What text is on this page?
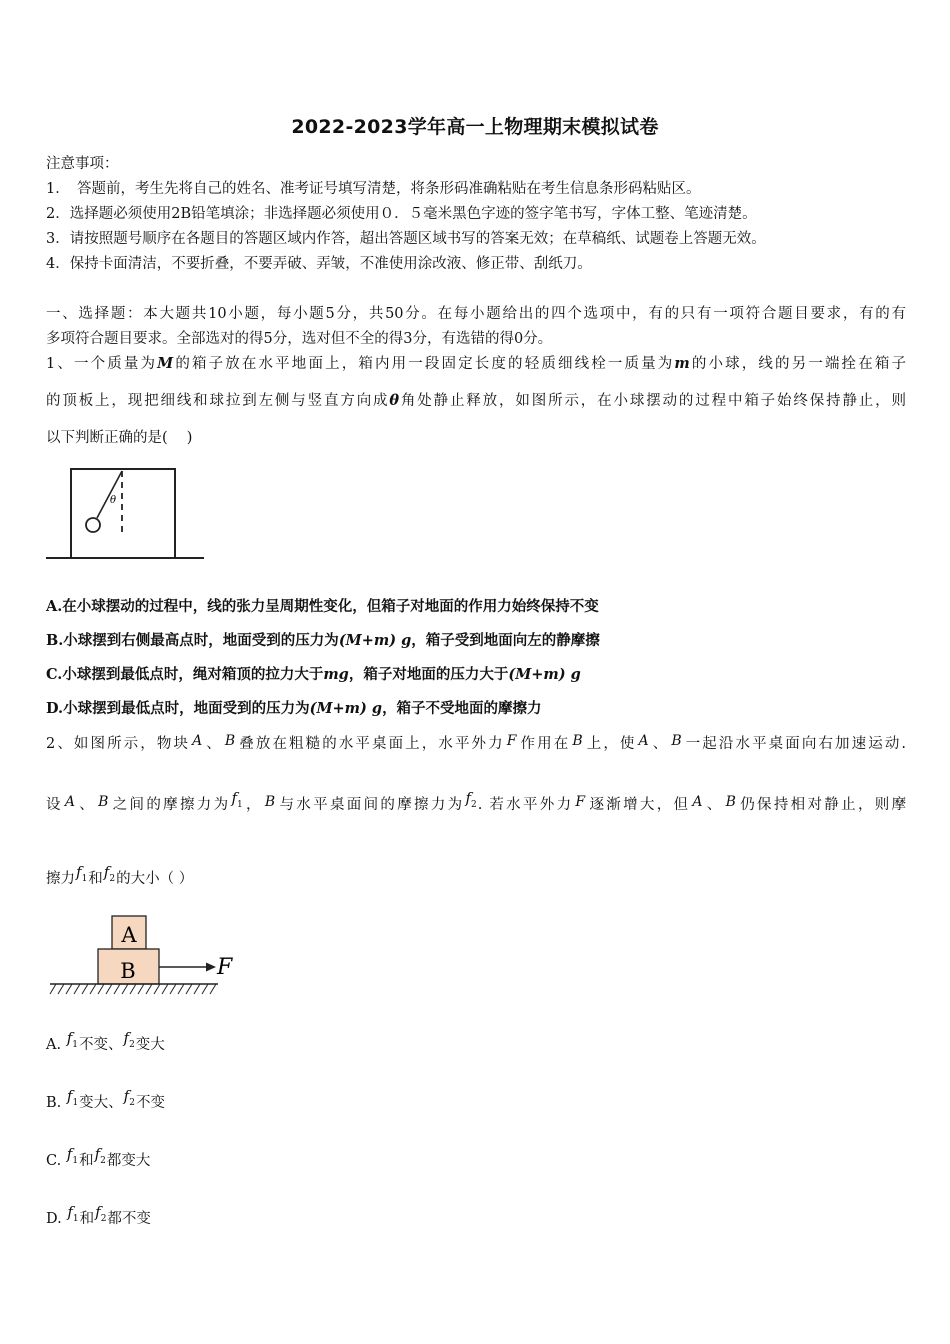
2022-2023学年高一上物理期末模拟试卷
注意事项：
1．　答题前，考生先将自己的姓名、准考证号填写清楚，将条形码准确粘贴在考生信息条形码粘贴区。
2．选择题必须使用2B铅笔填涂；非选择题必须使用０．５毫米黑色字迹的签字笔书写，字体工整、笔迹清楚。
3．请按照题号顺序在各题目的答题区域内作答，超出答题区域书写的答案无效；在草稿纸、试题卷上答题无效。
4．保持卡面清洁，不要折叠，不要弄破、弄皱，不准使用涂改液、修正带、刮纸刀。
一、选择题：本大题共10小题，每小题5分，共50分。在每小题给出的四个选项中，有的只有一项符合题目要求，有的有
多项符合题目要求。全部选对的得5分，选对但不全的得3分，有选错的得0分。
1、一个质量为M的箱子放在水平地面上，箱内用一段固定长度的轻质细线栓一质量为m的小球，线的另一端拴在箱子
的顶板上，现把细线和球拉到左侧与竖直方向成θ角处静止释放，如图所示，在小球摆动的过程中箱子始终保持静止，则
以下判断正确的是(　 )
θ
A.在小球摆动的过程中，线的张力呈周期性变化，但箱子对地面的作用力始终保持不变
B.小球摆到右侧最高点时，地面受到的压力为(M+m) g，箱子受到地面向左的静摩擦
C.小球摆到最低点时，绳对箱顶的拉力大于mg，箱子对地面的压力大于(M+m) g
D.小球摆到最低点时，地面受到的压力为(M+m) g，箱子不受地面的摩擦力
2、如图所示，物块 A 、 B 叠放在粗糙的水平桌面上，水平外力 F 作用在 B 上，使 A 、 B 一起沿水平桌面向右加速运动.
设 A 、 B 之间的摩擦力为$f_1$， B 与水平桌面间的摩擦力为$f_2$. 若水平外力 F 逐渐增大，但 A 、 B 仍保持相对静止，则摩
擦力$f_1$和$f_2$的大小（ ）
A
B	F
A. $f_1$不变、$f_2$变大
B. $f_1$变大、$f_2$不变
C. $f_1$和$f_2$都变大
D. $f_1$和$f_2$都不变
